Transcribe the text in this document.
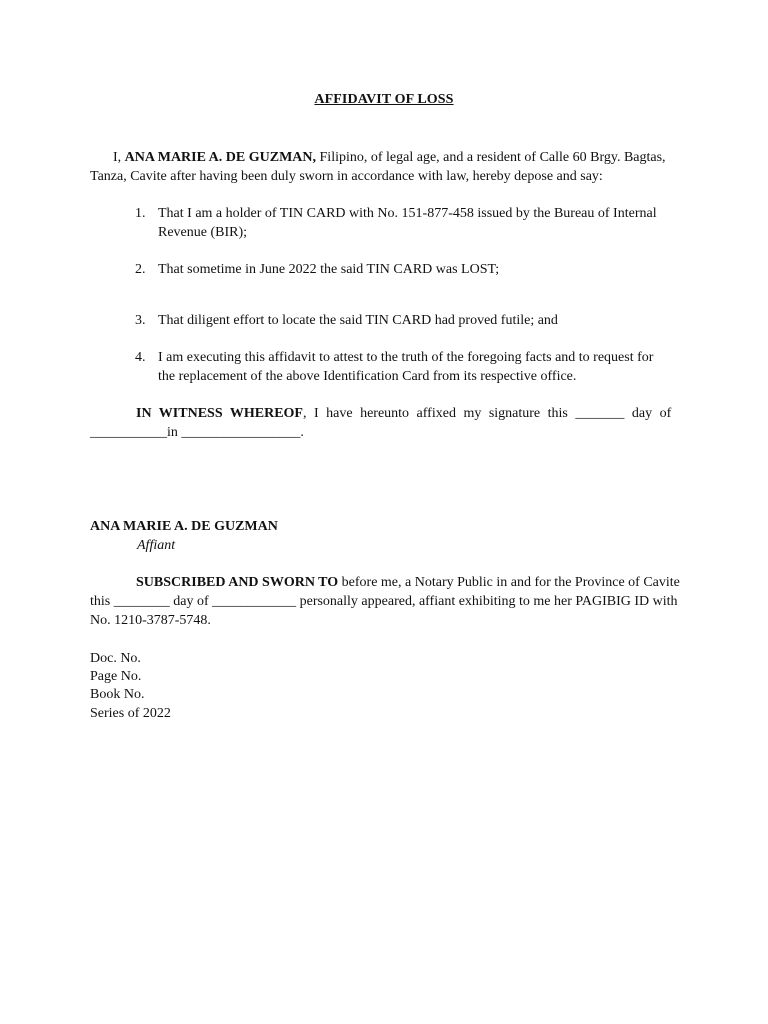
AFFIDAVIT OF LOSS

I, ANA MARIE A. DE GUZMAN, Filipino, of legal age, and a resident of Calle 60 Brgy. Bagtas,

Tanza, Cavite after having been duly sworn in accordance with law, hereby depose and say:

1. That I am a holder of TIN CARD with No. 151-877-458 issued by the Bureau of Internal

Revenue (BIR);

2. That sometime in June 2022 the said TIN CARD was LOST;

3. That diligent effort to locate the said TIN CARD had proved futile; and

4. I am executing this affidavit to attest to the truth of the foregoing facts and to request for

the replacement of the above Identification Card from its respective office.

IN WITNESS WHEREOF, I have hereunto affixed my signature this _______ day of

___________in _________________.

ANA MARIE A. DE GUZMAN

Affiant

SUBSCRIBED AND SWORN TO before me, a Notary Public in and for the Province of Cavite

this ________ day of ____________ personally appeared, affiant exhibiting to me her PAGIBIG ID with

No. 1210-3787-5748.

Doc. No.

Page No.

Book No.

Series of 2022
